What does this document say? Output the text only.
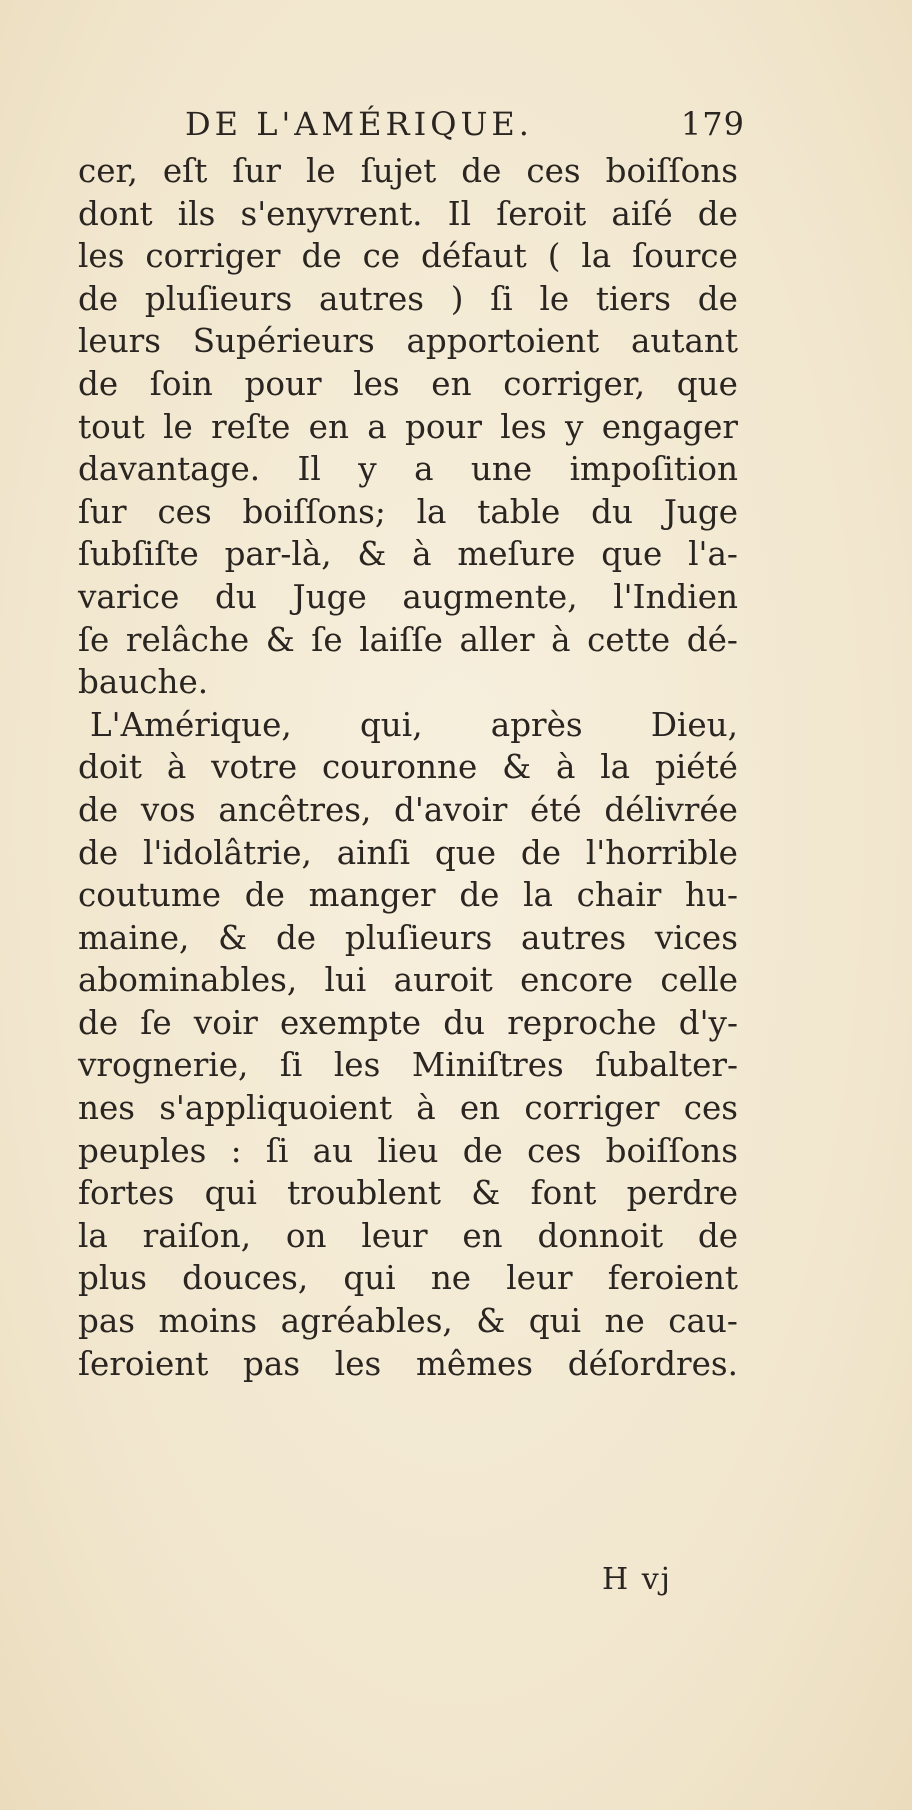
DE L'AMÉRIQUE.	179
cer, eſt ſur le ſujet de ces boiſſons
dont ils s'enyvrent. Il ſeroit aiſé de
les corriger de ce défaut ( la ſource
de pluſieurs autres ) ſi le tiers de
leurs Supérieurs apportoient autant
de ſoin pour les en corriger, que
tout le reſte en a pour les y engager
davantage. Il y a une impoſition
ſur ces boiſſons; la table du Juge
ſubſiſte par-là, & à meſure que l'a-
varice du Juge augmente, l'Indien
ſe relâche & ſe laiſſe aller à cette dé-
bauche.
L'Amérique, qui, après Dieu,
doit à votre couronne & à la piété
de vos ancêtres, d'avoir été délivrée
de l'idolâtrie, ainſi que de l'horrible
coutume de manger de la chair hu-
maine, & de pluſieurs autres vices
abominables, lui auroit encore celle
de ſe voir exempte du reproche d'y-
vrognerie, ſi les Miniſtres ſubalter-
nes s'appliquoient à en corriger ces
peuples : ſi au lieu de ces boiſſons
fortes qui troublent & font perdre
la raiſon, on leur en donnoit de
plus douces, qui ne leur feroient
pas moins agréables, & qui ne cau-
ſeroient pas les mêmes déſordres.
H vj
